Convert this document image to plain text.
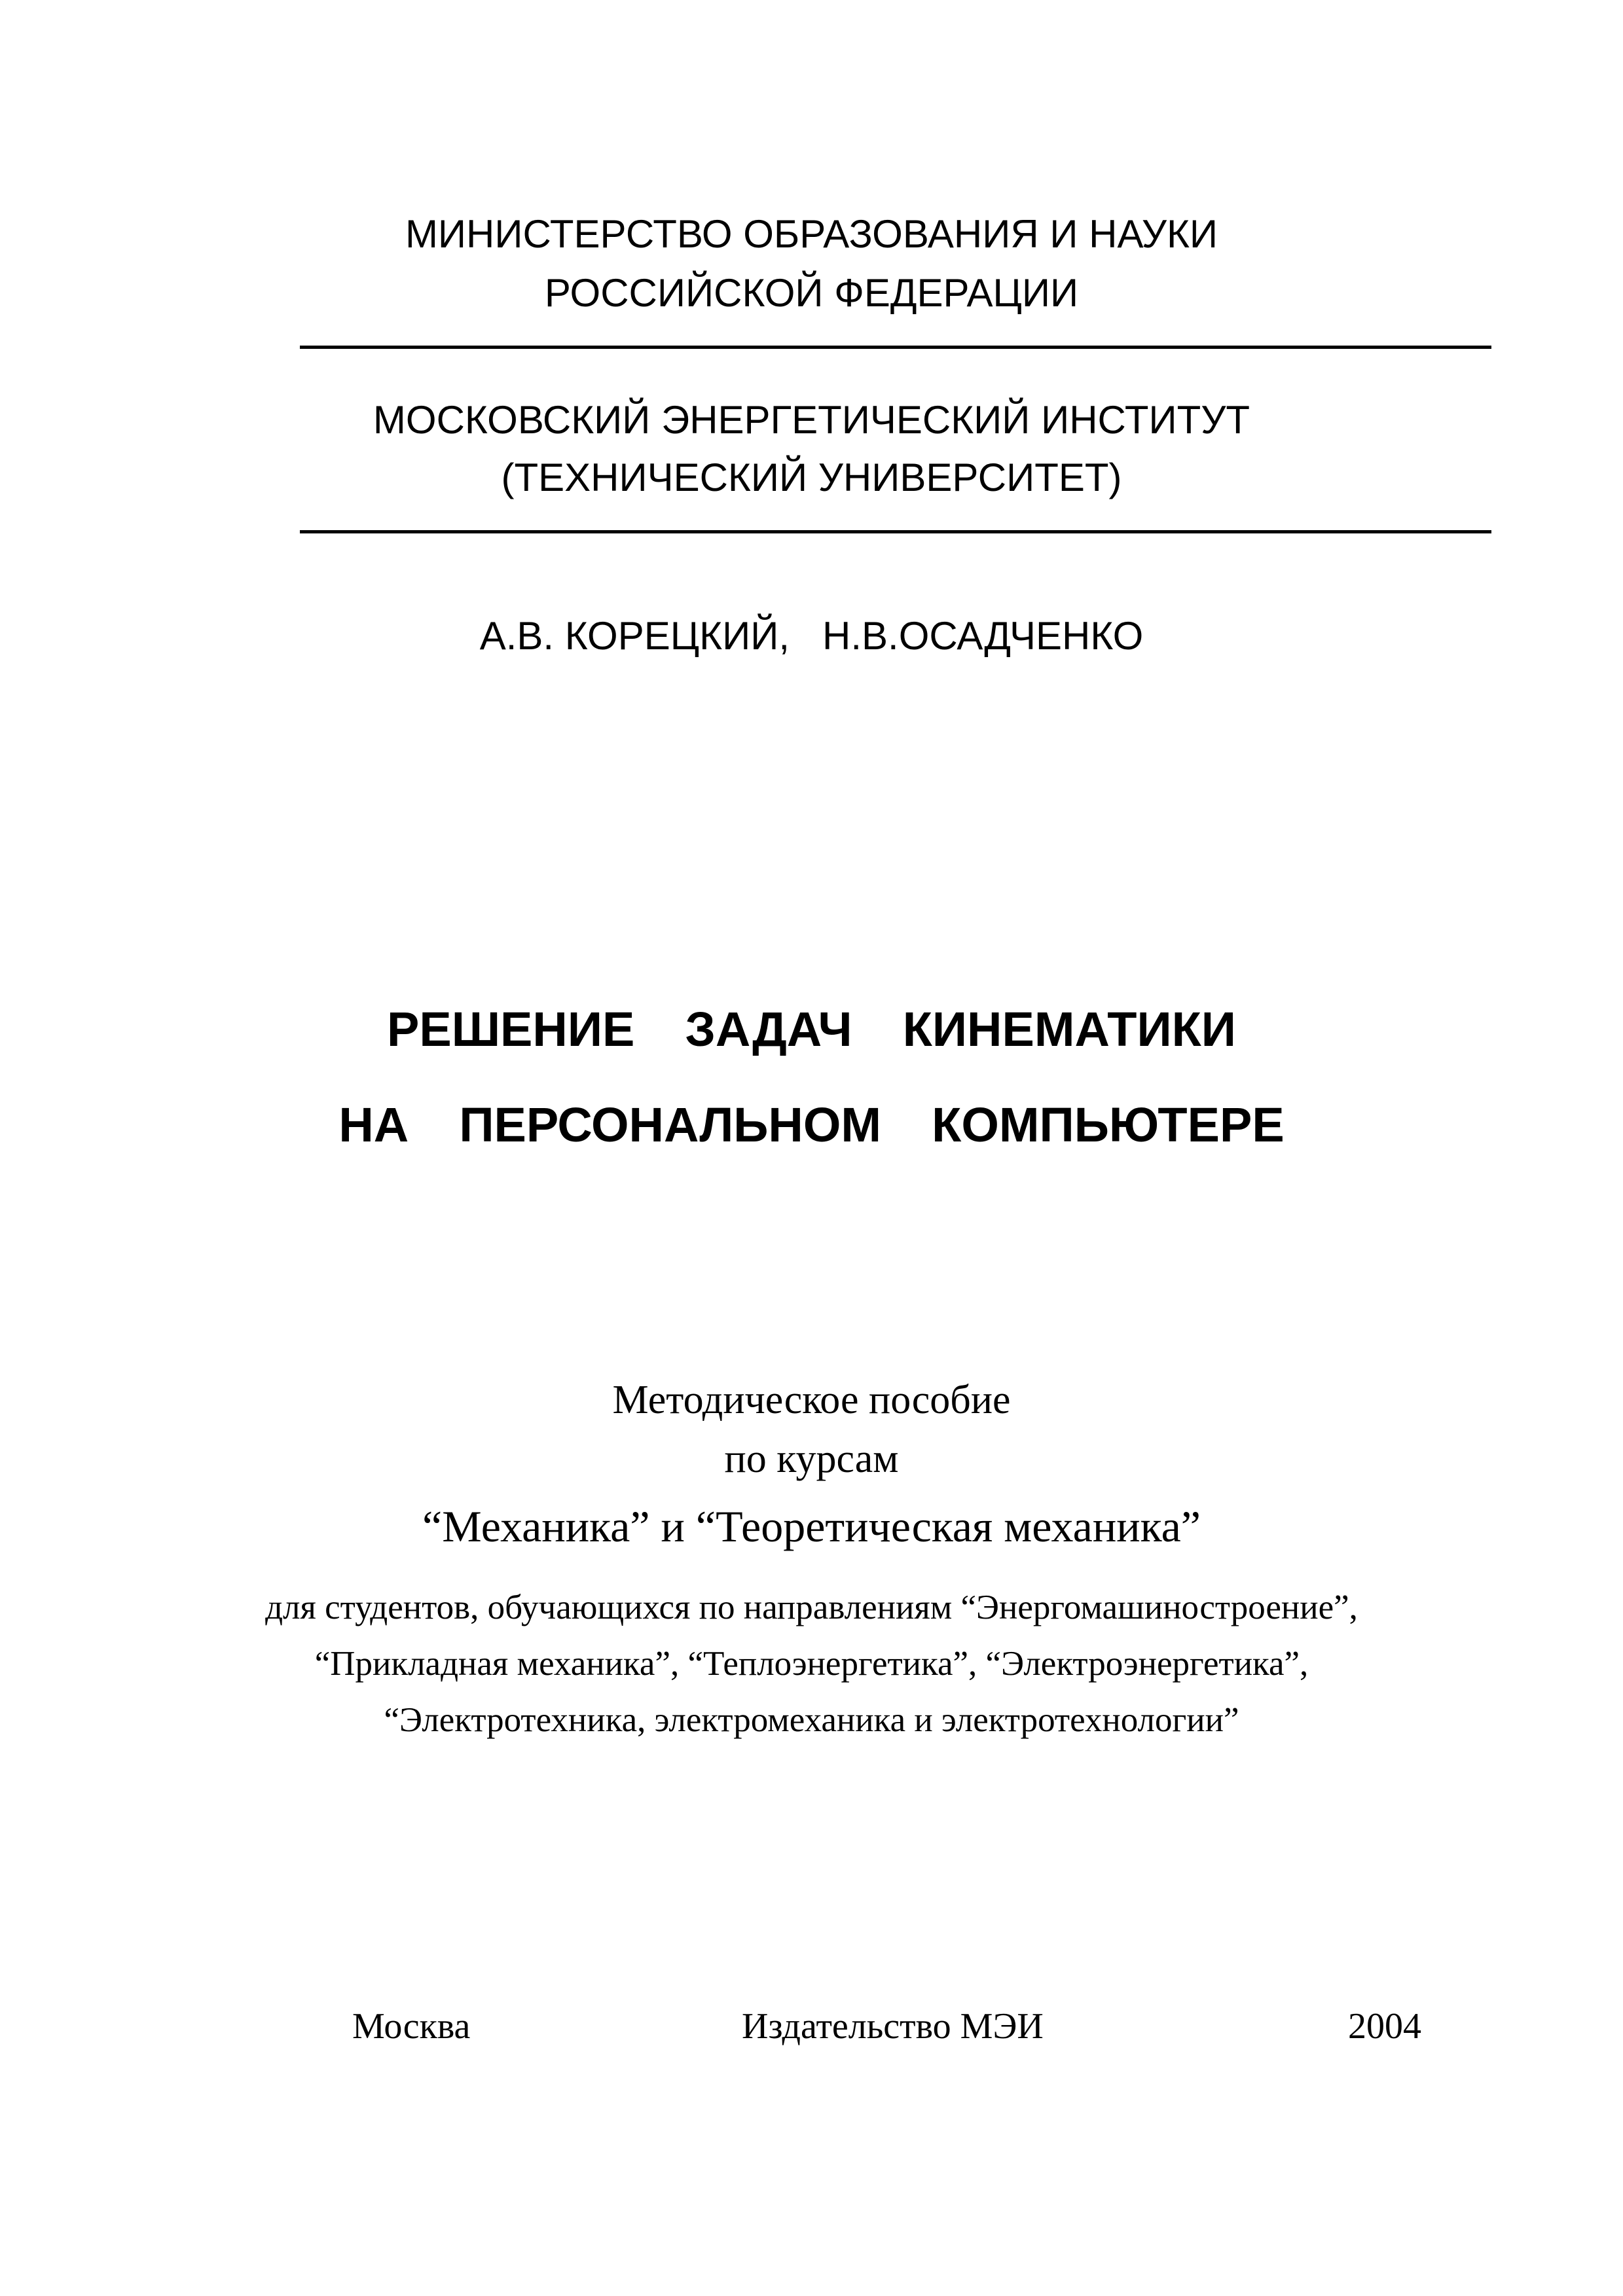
МИНИСТЕРСТВО ОБРАЗОВАНИЯ И НАУКИ
РОССИЙСКОЙ ФЕДЕРАЦИИ
МОСКОВСКИЙ ЭНЕРГЕТИЧЕСКИЙ ИНСТИТУТ
(ТЕХНИЧЕСКИЙ УНИВЕРСИТЕТ)
А.В. КОРЕЦКИЙ,   Н.В.ОСАДЧЕНКО
РЕШЕНИЕ  ЗАДАЧ  КИНЕМАТИКИ
НА  ПЕРСОНАЛЬНОМ  КОМПЬЮТЕРЕ
Методическое пособие
по курсам
“Механика” и “Теоретическая механика”
для студентов, обучающихся по направлениям “Энергомашиностроение”,
“Прикладная механика”, “Теплоэнергетика”, “Электроэнергетика”,
“Электротехника, электромеханика и электротехнологии”
Москва	Издательство МЭИ	2004
